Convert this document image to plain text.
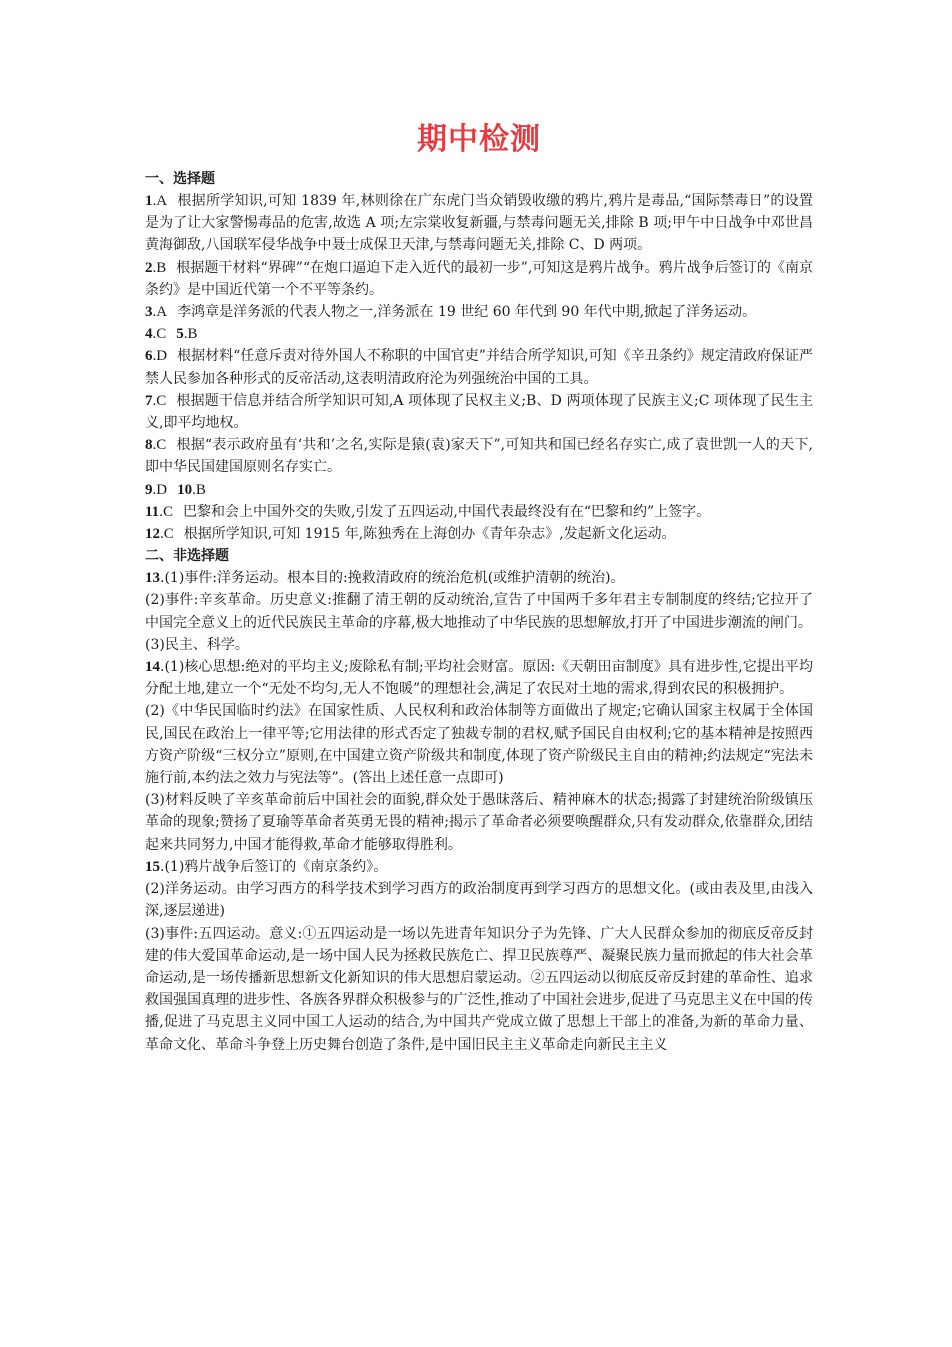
期中检测
一、选择题

1.A 根据所学知识,可知 1839 年,林则徐在广东虎门当众销毁收缴的鸦片,鸦片是毒品,“国际禁毒日”的设置是为了让大家警惕毒品的危害,故选 A 项;左宗棠收复新疆,与禁毒问题无关,排除 B 项;甲午中日战争中邓世昌黄海御敌,八国联军侵华战争中聂士成保卫天津,与禁毒问题无关,排除 C、D 两项。

2.B 根据题干材料“界碑”“在炮口逼迫下走入近代的最初一步”,可知这是鸦片战争。鸦片战争后签订的《南京条约》是中国近代第一个不平等条约。

3.A 李鸿章是洋务派的代表人物之一,洋务派在 19 世纪 60 年代到 90 年代中期,掀起了洋务运动。

4.C 5.B

6.D 根据材料“任意斥责对待外国人不称职的中国官吏”并结合所学知识,可知《辛丑条约》规定清政府保证严禁人民参加各种形式的反帝活动,这表明清政府沦为列强统治中国的工具。

7.C 根据题干信息并结合所学知识可知,A 项体现了民权主义;B、D 两项体现了民族主义;C 项体现了民生主义,即平均地权。

8.C 根据“表示政府虽有‘共和’之名,实际是猿(袁)家天下”,可知共和国已经名存实亡,成了袁世凯一人的天下,即中华民国建国原则名存实亡。

9.D 10.B

11.C 巴黎和会上中国外交的失败,引发了五四运动,中国代表最终没有在“巴黎和约”上签字。

12.C 根据所学知识,可知 1915 年,陈独秀在上海创办《青年杂志》,发起新文化运动。

二、非选择题

13.(1)事件:洋务运动。根本目的:挽救清政府的统治危机(或维护清朝的统治)。

(2)事件:辛亥革命。历史意义:推翻了清王朝的反动统治,宣告了中国两千多年君主专制制度的终结;它拉开了中国完全意义上的近代民族民主革命的序幕,极大地推动了中华民族的思想解放,打开了中国进步潮流的闸门。

(3)民主、科学。

14.(1)核心思想:绝对的平均主义;废除私有制;平均社会财富。原因:《天朝田亩制度》具有进步性,它提出平均分配土地,建立一个“无处不均匀,无人不饱暖”的理想社会,满足了农民对土地的需求,得到农民的积极拥护。

(2)《中华民国临时约法》在国家性质、人民权利和政治体制等方面做出了规定;它确认国家主权属于全体国民,国民在政治上一律平等;它用法律的形式否定了独裁专制的君权,赋予国民自由权利;它的基本精神是按照西方资产阶级“三权分立”原则,在中国建立资产阶级共和制度,体现了资产阶级民主自由的精神;约法规定“宪法未施行前,本约法之效力与宪法等”。(答出上述任意一点即可)

(3)材料反映了辛亥革命前后中国社会的面貌,群众处于愚昧落后、精神麻木的状态;揭露了封建统治阶级镇压革命的现象;赞扬了夏瑜等革命者英勇无畏的精神;揭示了革命者必须要唤醒群众,只有发动群众,依靠群众,团结起来共同努力,中国才能得救,革命才能够取得胜利。

15.(1)鸦片战争后签订的《南京条约》。

(2)洋务运动。由学习西方的科学技术到学习西方的政治制度再到学习西方的思想文化。(或由表及里,由浅入深,逐层递进)

(3)事件:五四运动。意义:①五四运动是一场以先进青年知识分子为先锋、广大人民群众参加的彻底反帝反封建的伟大爱国革命运动,是一场中国人民为拯救民族危亡、捍卫民族尊严、凝聚民族力量而掀起的伟大社会革命运动,是一场传播新思想新文化新知识的伟大思想启蒙运动。②五四运动以彻底反帝反封建的革命性、追求救国强国真理的进步性、各族各界群众积极参与的广泛性,推动了中国社会进步,促进了马克思主义在中国的传播,促进了马克思主义同中国工人运动的结合,为中国共产党成立做了思想上干部上的准备,为新的革命力量、革命文化、革命斗争登上历史舞台创造了条件,是中国旧民主主义革命走向新民主主义
